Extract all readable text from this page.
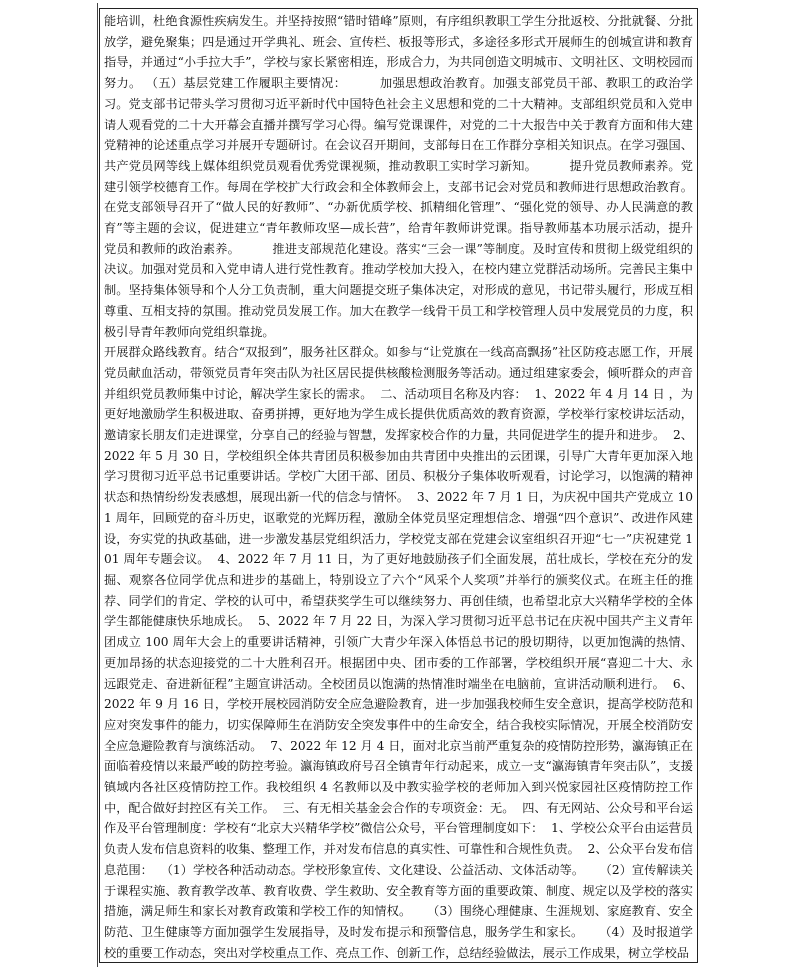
能培训，杜绝食源性疾病发生。并坚持按照“错时错峰”原则，有序组织教职工学生分批返校、分批就餐、分批放学，避免聚集；四是通过开学典礼、班会、宣传栏、板报等形式，多途径多形式开展师生的创城宣讲和教育指导，并通过“小手拉大手”，学校与家长紧密相连，形成合力，为共同创造文明城市、文明社区、文明校园而努力。 （五）基层党建工作履职主要情况：        加强思想政治教育。加强支部党员干部、教职工的政治学习。党支部书记带头学习贯彻习近平新时代中国特色社会主义思想和党的二十大精神。支部组织党员和入党申请人观看党的二十大开幕会直播并撰写学习心得。编写党课课件，对党的二十大报告中关于教育方面和伟大建党精神的论述重点学习并展开专题研讨。在会议召开期间，支部每日在工作群分享相关知识点。在学习强国、共产党员网等线上媒体组织党员观看优秀党课视频，推动教职工实时学习新知。        提升党员教师素养。党建引领学校德育工作。每周在学校扩大行政会和全体教师会上，支部书记会对党员和教师进行思想政治教育。在党支部领导召开了“做人民的好教师”、“办新优质学校、抓精细化管理”、“强化党的领导、办人民满意的教育”等主题的会议，促进建立“青年教师攻坚—成长营”，给青年教师讲党课。指导教师基本功展示活动，提升党员和教师的政治素养。        推进支部规范化建设。落实“三会一课”等制度。及时宣传和贯彻上级党组织的决议。加强对党员和入党申请人进行党性教育。推动学校加大投入，在校内建立党群活动场所。完善民主集中制。坚持集体领导和个人分工负责制，重大问题提交班子集体决定，对形成的意见，书记带头履行，形成互相尊重、互相支持的氛围。推动党员发展工作。加大在教学一线骨干员工和学校管理人员中发展党员的力度，积极引导青年教师向党组织靠拢。
开展群众路线教育。结合“双报到”，服务社区群众。如参与“让党旗在一线高高飘扬”社区防疫志愿工作，开展党员献血活动，带领党员青年突击队为社区居民提供核酸检测服务等活动。通过组建家委会，倾听群众的声音并组织党员教师集中讨论，解决学生家长的需求。  二、活动项目名称及内容：  1、2022 年 4 月 14 日 ，为更好地激励学生积极进取、奋勇拼搏，更好地为学生成长提供优质高效的教育资源，学校举行家校讲坛活动，邀请家长朋友们走进课堂，分享自己的经验与智慧，发挥家校合作的力量，共同促进学生的提升和进步。  2、2022 年 5 月 30 日，学校组织全体共青团员积极参加由共青团中央推出的云团课，引导广大青年更加深入地学习贯彻习近平总书记重要讲话。学校广大团干部、团员、积极分子集体收听观看，讨论学习，以饱满的精神状态和热情纷纷发表感想，展现出新一代的信念与情怀。  3、2022 年 7 月 1 日，为庆祝中国共产党成立 101 周年，回顾党的奋斗历史，讴歌党的光辉历程，激励全体党员坚定理想信念、增强“四个意识”、改进作风建设，夯实党的执政基础，进一步激发基层党组织活力，学校党支部在党建会议室组织召开迎“七一”庆祝建党 101 周年专题会议。  4、2022 年 7 月 11 日，为了更好地鼓励孩子们全面发展，茁壮成长，学校在充分的发掘、观察各位同学优点和进步的基础上，特别设立了六个“风采个人奖项”并举行的颁奖仪式。在班主任的推荐、同学们的肯定、学校的认可中，希望获奖学生可以继续努力、再创佳绩，也希望北京大兴精华学校的全体学生都能健康快乐地成长。  5、2022 年 7 月 22 日，为深入学习贯彻习近平总书记在庆祝中国共产主义青年团成立 100 周年大会上的重要讲话精神，引领广大青少年深入体悟总书记的殷切期待，以更加饱满的热情、更加昂扬的状态迎接党的二十大胜利召开。根据团中央、团市委的工作部署，学校组织开展“喜迎二十大、永远跟党走、奋进新征程”主题宣讲活动。全校团员以饱满的热情准时端坐在电脑前，宣讲活动顺利进行。  6、2022 年 9 月 16 日，学校开展校园消防安全应急避险教育，进一步加强我校师生安全意识，提高学校防范和应对突发事件的能力，切实保障师生在消防安全突发事件中的生命安全，结合我校实际情况，开展全校消防安全应急避险教育与演练活动。  7、2022 年 12 月 4 日，面对北京当前严重复杂的疫情防控形势，瀛海镇正在面临着疫情以来最严峻的防控考验。瀛海镇政府号召全镇青年行动起来，成立一支“瀛海镇青年突击队”，支援镇域内各社区疫情防控工作。我校组织 4 名教师以及中教实验学校的老师加入到兴悦家园社区疫情防控工作中，配合做好封控区有关工作。  三、有无相关基金会合作的专项资金：无。  四、有无网站、公众号和平台运作及平台管理制度：学校有“北京大兴精华学校”微信公众号，平台管理制度如下：  1、学校公众平台由运营员负责人发布信息资料的收集、整理工作，并对发布信息的真实性、可靠性和合规性负责。  2、公众平台发布信息范围：  （1）学校各种活动动态。学校形象宣传、文化建设、公益活动、文体活动等。    （2）宣传解读关于课程实施、教育教学改革、教育收费、学生救助、安全教育等方面的重要政策、制度、规定以及学校的落实措施，满足师生和家长对教育政策和学校工作的知情权。    （3）围绕心理健康、生涯规划、家庭教育、安全防范、卫生健康等方面加强学生发展指导，及时发布提示和预警信息，服务学生和家长。    （4）及时报道学校的重要工作动态，突出对学校重点工作、亮点工作、创新工作，总结经验做法，展示工作成果，树立学校品
